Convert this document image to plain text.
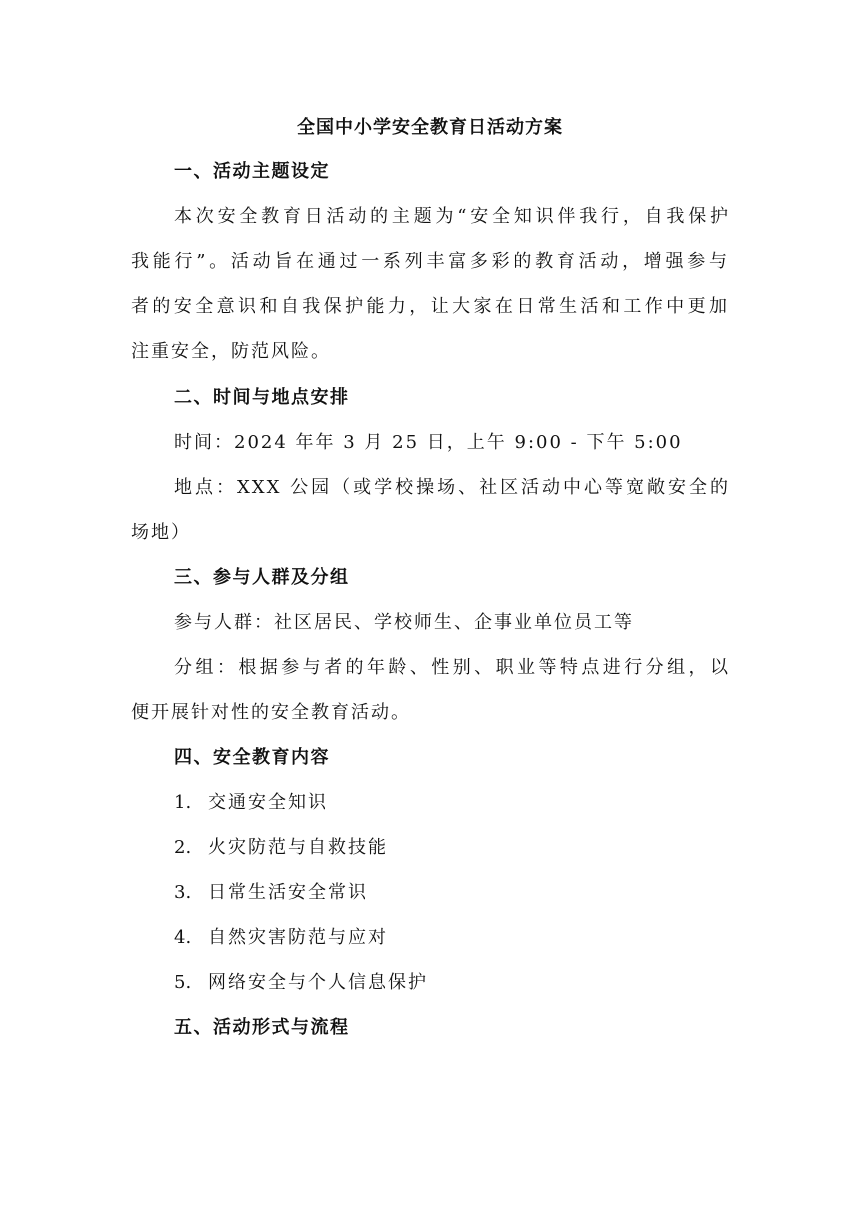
全国中小学安全教育日活动方案
一、活动主题设定
本次安全教育日活动的主题为“安全知识伴我行，自我保护
我能行”。活动旨在通过一系列丰富多彩的教育活动，增强参与
者的安全意识和自我保护能力，让大家在日常生活和工作中更加
注重安全，防范风险。
二、时间与地点安排
时间：2024 年年 3 月 25 日，上午 9:00 - 下午 5:00
地点：XXX 公园（或学校操场、社区活动中心等宽敞安全的
场地）
三、参与人群及分组
参与人群：社区居民、学校师生、企事业单位员工等
分组：根据参与者的年龄、性别、职业等特点进行分组，以
便开展针对性的安全教育活动。
四、安全教育内容
1. 交通安全知识
2. 火灾防范与自救技能
3. 日常生活安全常识
4. 自然灾害防范与应对
5. 网络安全与个人信息保护
五、活动形式与流程
